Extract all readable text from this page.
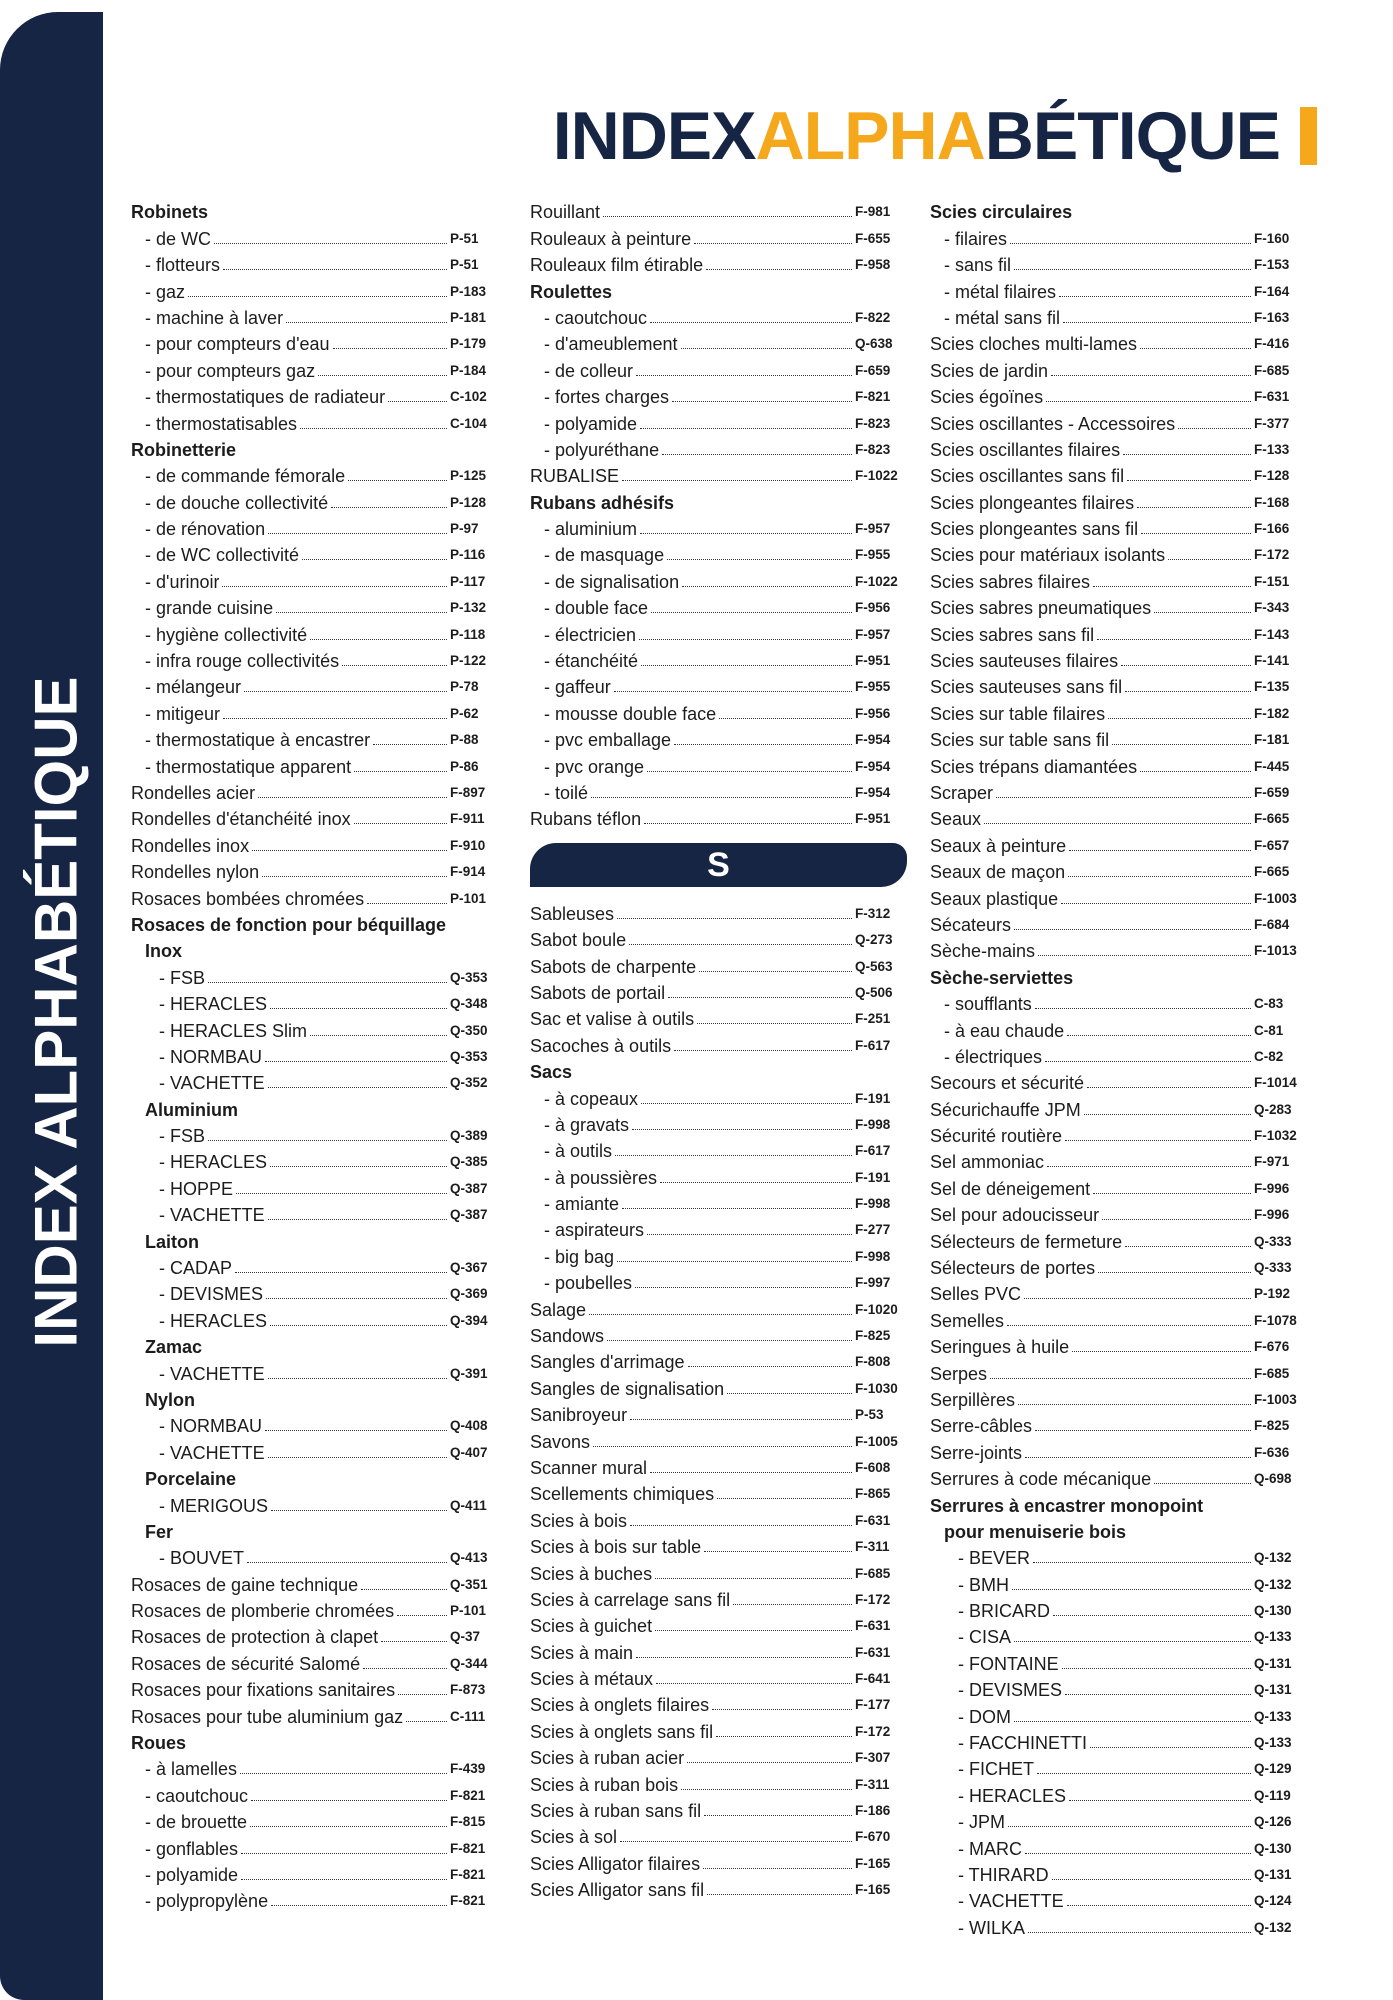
INDEX ALPHABÉTIQUE
INDEX ALPHA BÉTIQUE
Robinets
- de WC	P-51
- flotteurs	P-51
- gaz	P-183
- machine à laver	P-181
- pour compteurs d'eau	P-179
- pour compteurs gaz	P-184
- thermostatiques de radiateur	C-102
- thermostatisables	C-104
Robinetterie
- de commande fémorale	P-125
- de douche collectivité	P-128
- de rénovation	P-97
- de WC collectivité	P-116
- d'urinoir	P-117
- grande cuisine	P-132
- hygiène collectivité	P-118
- infra rouge collectivités	P-122
- mélangeur	P-78
- mitigeur	P-62
- thermostatique à encastrer	P-88
- thermostatique apparent	P-86
Rondelles acier	F-897
Rondelles d'étanchéité inox	F-911
Rondelles inox	F-910
Rondelles nylon	F-914
Rosaces bombées chromées	P-101
Rosaces de fonction pour béquillage
Inox
- FSB	Q-353
- HERACLES	Q-348
- HERACLES Slim	Q-350
- NORMBAU	Q-353
- VACHETTE	Q-352
Aluminium
- FSB	Q-389
- HERACLES	Q-385
- HOPPE	Q-387
- VACHETTE	Q-387
Laiton
- CADAP	Q-367
- DEVISMES	Q-369
- HERACLES	Q-394
Zamac
- VACHETTE	Q-391
Nylon
- NORMBAU	Q-408
- VACHETTE	Q-407
Porcelaine
- MERIGOUS	Q-411
Fer
- BOUVET	Q-413
Rosaces de gaine technique	Q-351
Rosaces de plomberie chromées	P-101
Rosaces de protection à clapet	Q-37
Rosaces de sécurité Salomé	Q-344
Rosaces pour fixations sanitaires	F-873
Rosaces pour tube aluminium gaz	C-111
Roues
- à lamelles	F-439
- caoutchouc	F-821
- de brouette	F-815
- gonflables	F-821
- polyamide	F-821
- polypropylène	F-821
Rouillant	F-981
Rouleaux à peinture	F-655
Rouleaux film étirable	F-958
Roulettes
- caoutchouc	F-822
- d'ameublement	Q-638
- de colleur	F-659
- fortes charges	F-821
- polyamide	F-823
- polyuréthane	F-823
RUBALISE	F-1022
Rubans adhésifs
- aluminium	F-957
- de masquage	F-955
- de signalisation	F-1022
- double face	F-956
- électricien	F-957
- étanchéité	F-951
- gaffeur	F-955
- mousse double face	F-956
- pvc emballage	F-954
- pvc orange	F-954
- toilé	F-954
Rubans téflon	F-951
S
Sableuses	F-312
Sabot boule	Q-273
Sabots de charpente	Q-563
Sabots de portail	Q-506
Sac et valise à outils	F-251
Sacoches à outils	F-617
Sacs
- à copeaux	F-191
- à gravats	F-998
- à outils	F-617
- à poussières	F-191
- amiante	F-998
- aspirateurs	F-277
- big bag	F-998
- poubelles	F-997
Salage	F-1020
Sandows	F-825
Sangles d'arrimage	F-808
Sangles de signalisation	F-1030
Sanibroyeur	P-53
Savons	F-1005
Scanner mural	F-608
Scellements chimiques	F-865
Scies à bois	F-631
Scies à bois sur table	F-311
Scies à buches	F-685
Scies à carrelage sans fil	F-172
Scies à guichet	F-631
Scies à main	F-631
Scies à métaux	F-641
Scies à onglets filaires	F-177
Scies à onglets sans fil	F-172
Scies à ruban acier	F-307
Scies à ruban bois	F-311
Scies à ruban sans fil	F-186
Scies à sol	F-670
Scies Alligator filaires	F-165
Scies Alligator sans fil	F-165
Scies circulaires
- filaires	F-160
- sans fil	F-153
- métal filaires	F-164
- métal sans fil	F-163
Scies cloches multi-lames	F-416
Scies de jardin	F-685
Scies égoïnes	F-631
Scies oscillantes - Accessoires	F-377
Scies oscillantes filaires	F-133
Scies oscillantes sans fil	F-128
Scies plongeantes filaires	F-168
Scies plongeantes sans fil	F-166
Scies pour matériaux isolants	F-172
Scies sabres filaires	F-151
Scies sabres pneumatiques	F-343
Scies sabres sans fil	F-143
Scies sauteuses filaires	F-141
Scies sauteuses sans fil	F-135
Scies sur table filaires	F-182
Scies sur table sans fil	F-181
Scies trépans diamantées	F-445
Scraper	F-659
Seaux	F-665
Seaux à peinture	F-657
Seaux de maçon	F-665
Seaux plastique	F-1003
Sécateurs	F-684
Sèche-mains	F-1013
Sèche-serviettes
- soufflants	C-83
- à eau chaude	C-81
- électriques	C-82
Secours et sécurité	F-1014
Sécurichauffe JPM	Q-283
Sécurité routière	F-1032
Sel ammoniac	F-971
Sel de déneigement	F-996
Sel pour adoucisseur	F-996
Sélecteurs de fermeture	Q-333
Sélecteurs de portes	Q-333
Selles PVC	P-192
Semelles	F-1078
Seringues à huile	F-676
Serpes	F-685
Serpillères	F-1003
Serre-câbles	F-825
Serre-joints	F-636
Serrures à code mécanique	Q-698
Serrures à encastrer monopoint
pour menuiserie bois
- BEVER	Q-132
- BMH	Q-132
- BRICARD	Q-130
- CISA	Q-133
- FONTAINE	Q-131
- DEVISMES	Q-131
- DOM	Q-133
- FACCHINETTI	Q-133
- FICHET	Q-129
- HERACLES	Q-119
- JPM	Q-126
- MARC	Q-130
- THIRARD	Q-131
- VACHETTE	Q-124
- WILKA	Q-132
